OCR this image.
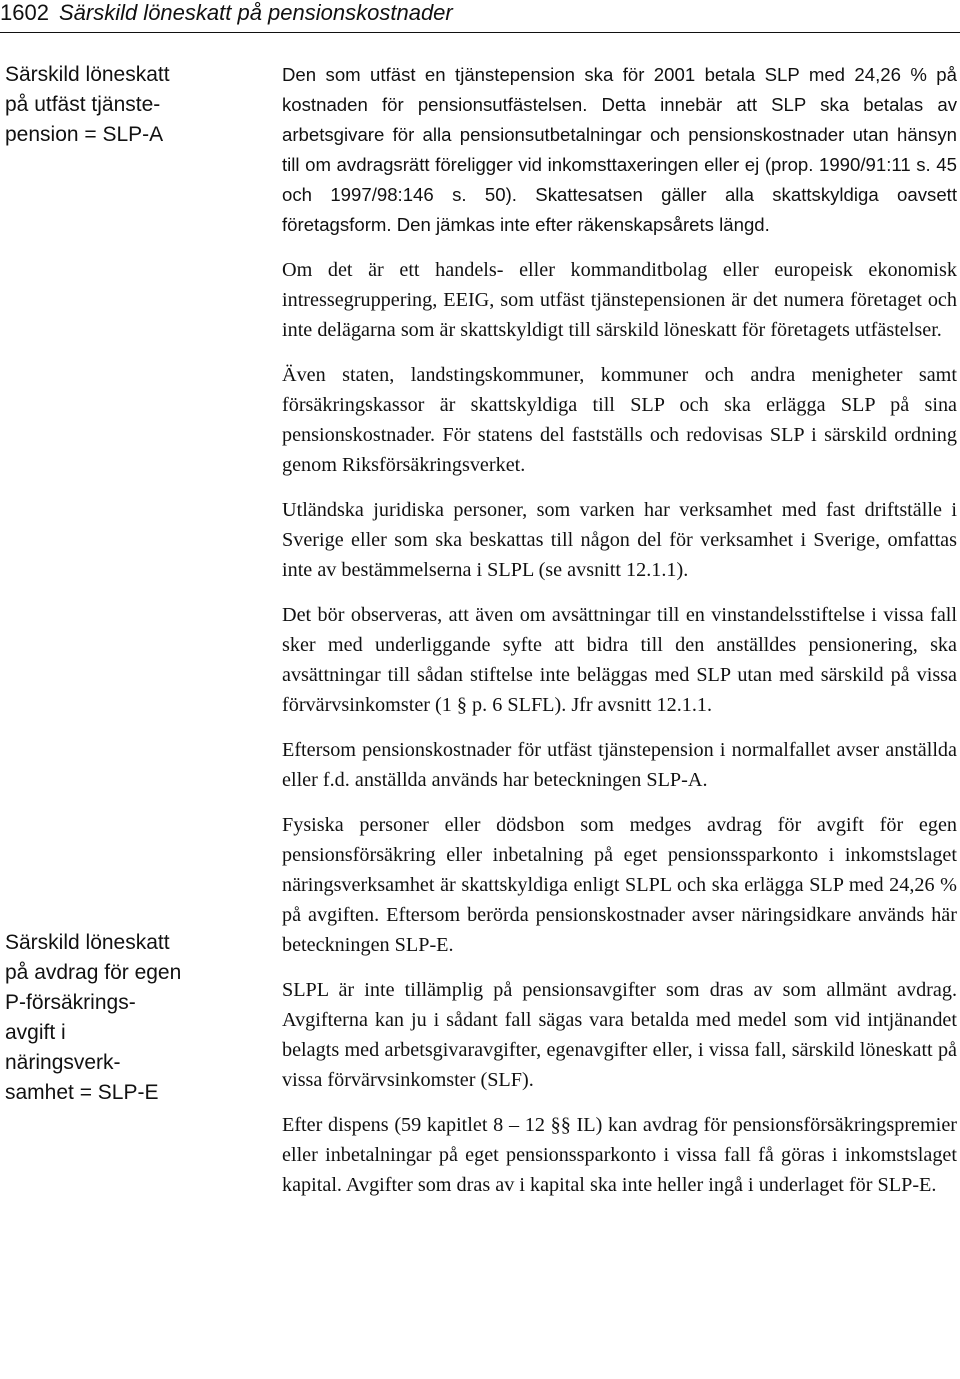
1602 Särskild löneskatt på pensionskostnader
Särskild löneskatt
på utfäst tjänste-
pension = SLP-A
Särskild löneskatt
på avdrag för egen
P-försäkrings-
avgift i
näringsverk-
samhet = SLP-E

Den som utfäst en tjänstepension ska för 2001 betala SLP med 24,26 % på kostnaden för pensionsutfästelsen. Detta innebär att SLP ska betalas av arbetsgivare för alla pensionsutbetalningar och pensionskostnader utan hänsyn till om avdragsrätt föreligger vid inkomsttaxeringen eller ej (prop. 1990/91:11 s. 45 och 1997/98:146 s. 50). Skattesatsen gäller alla skattskyldiga oavsett företagsform. Den jämkas inte efter räkenskapsårets längd.

Om det är ett handels- eller kommanditbolag eller europeisk ekonomisk intressegruppering, EEIG, som utfäst tjänstepensionen är det numera företaget och inte delägarna som är skattskyldigt till särskild löneskatt för företagets utfästelser.

Även staten, landstingskommuner, kommuner och andra menigheter samt försäkringskassor är skattskyldiga till SLP och ska erlägga SLP på sina pensionskostnader. För statens del fastställs och redovisas SLP i särskild ordning genom Riksförsäkringsverket.

Utländska juridiska personer, som varken har verksamhet med fast driftställe i Sverige eller som ska beskattas till någon del för verksamhet i Sverige, omfattas inte av bestämmelserna i SLPL (se avsnitt 12.1.1).

Det bör observeras, att även om avsättningar till en vinstandelsstiftelse i vissa fall sker med underliggande syfte att bidra till den anställdes pensionering, ska avsättningar till sådan stiftelse inte beläggas med SLP utan med särskild på vissa förvärvsinkomster (1 § p. 6 SLFL). Jfr avsnitt 12.1.1.

Eftersom pensionskostnader för utfäst tjänstepension i normalfallet avser anställda eller f.d. anställda används har beteckningen SLP-A.

Fysiska personer eller dödsbon som medges avdrag för avgift för egen pensionsförsäkring eller inbetalning på eget pensionssparkonto i inkomstslaget näringsverksamhet är skattskyldiga enligt SLPL och ska erlägga SLP med 24,26 % på avgiften. Eftersom berörda pensionskostnader avser näringsidkare används här beteckningen SLP-E.

SLPL är inte tillämplig på pensionsavgifter som dras av som allmänt avdrag. Avgifterna kan ju i sådant fall sägas vara betalda med medel som vid intjänandet belagts med arbetsgivaravgifter, egenavgifter eller, i vissa fall, särskild löneskatt på vissa förvärvsinkomster (SLF).

Efter dispens (59 kapitlet 8 – 12 §§ IL) kan avdrag för pensionsförsäkringspremier eller inbetalningar på eget pensionssparkonto i vissa fall få göras i inkomstslaget kapital. Avgifter som dras av i kapital ska inte heller ingå i underlaget för SLP-E.
